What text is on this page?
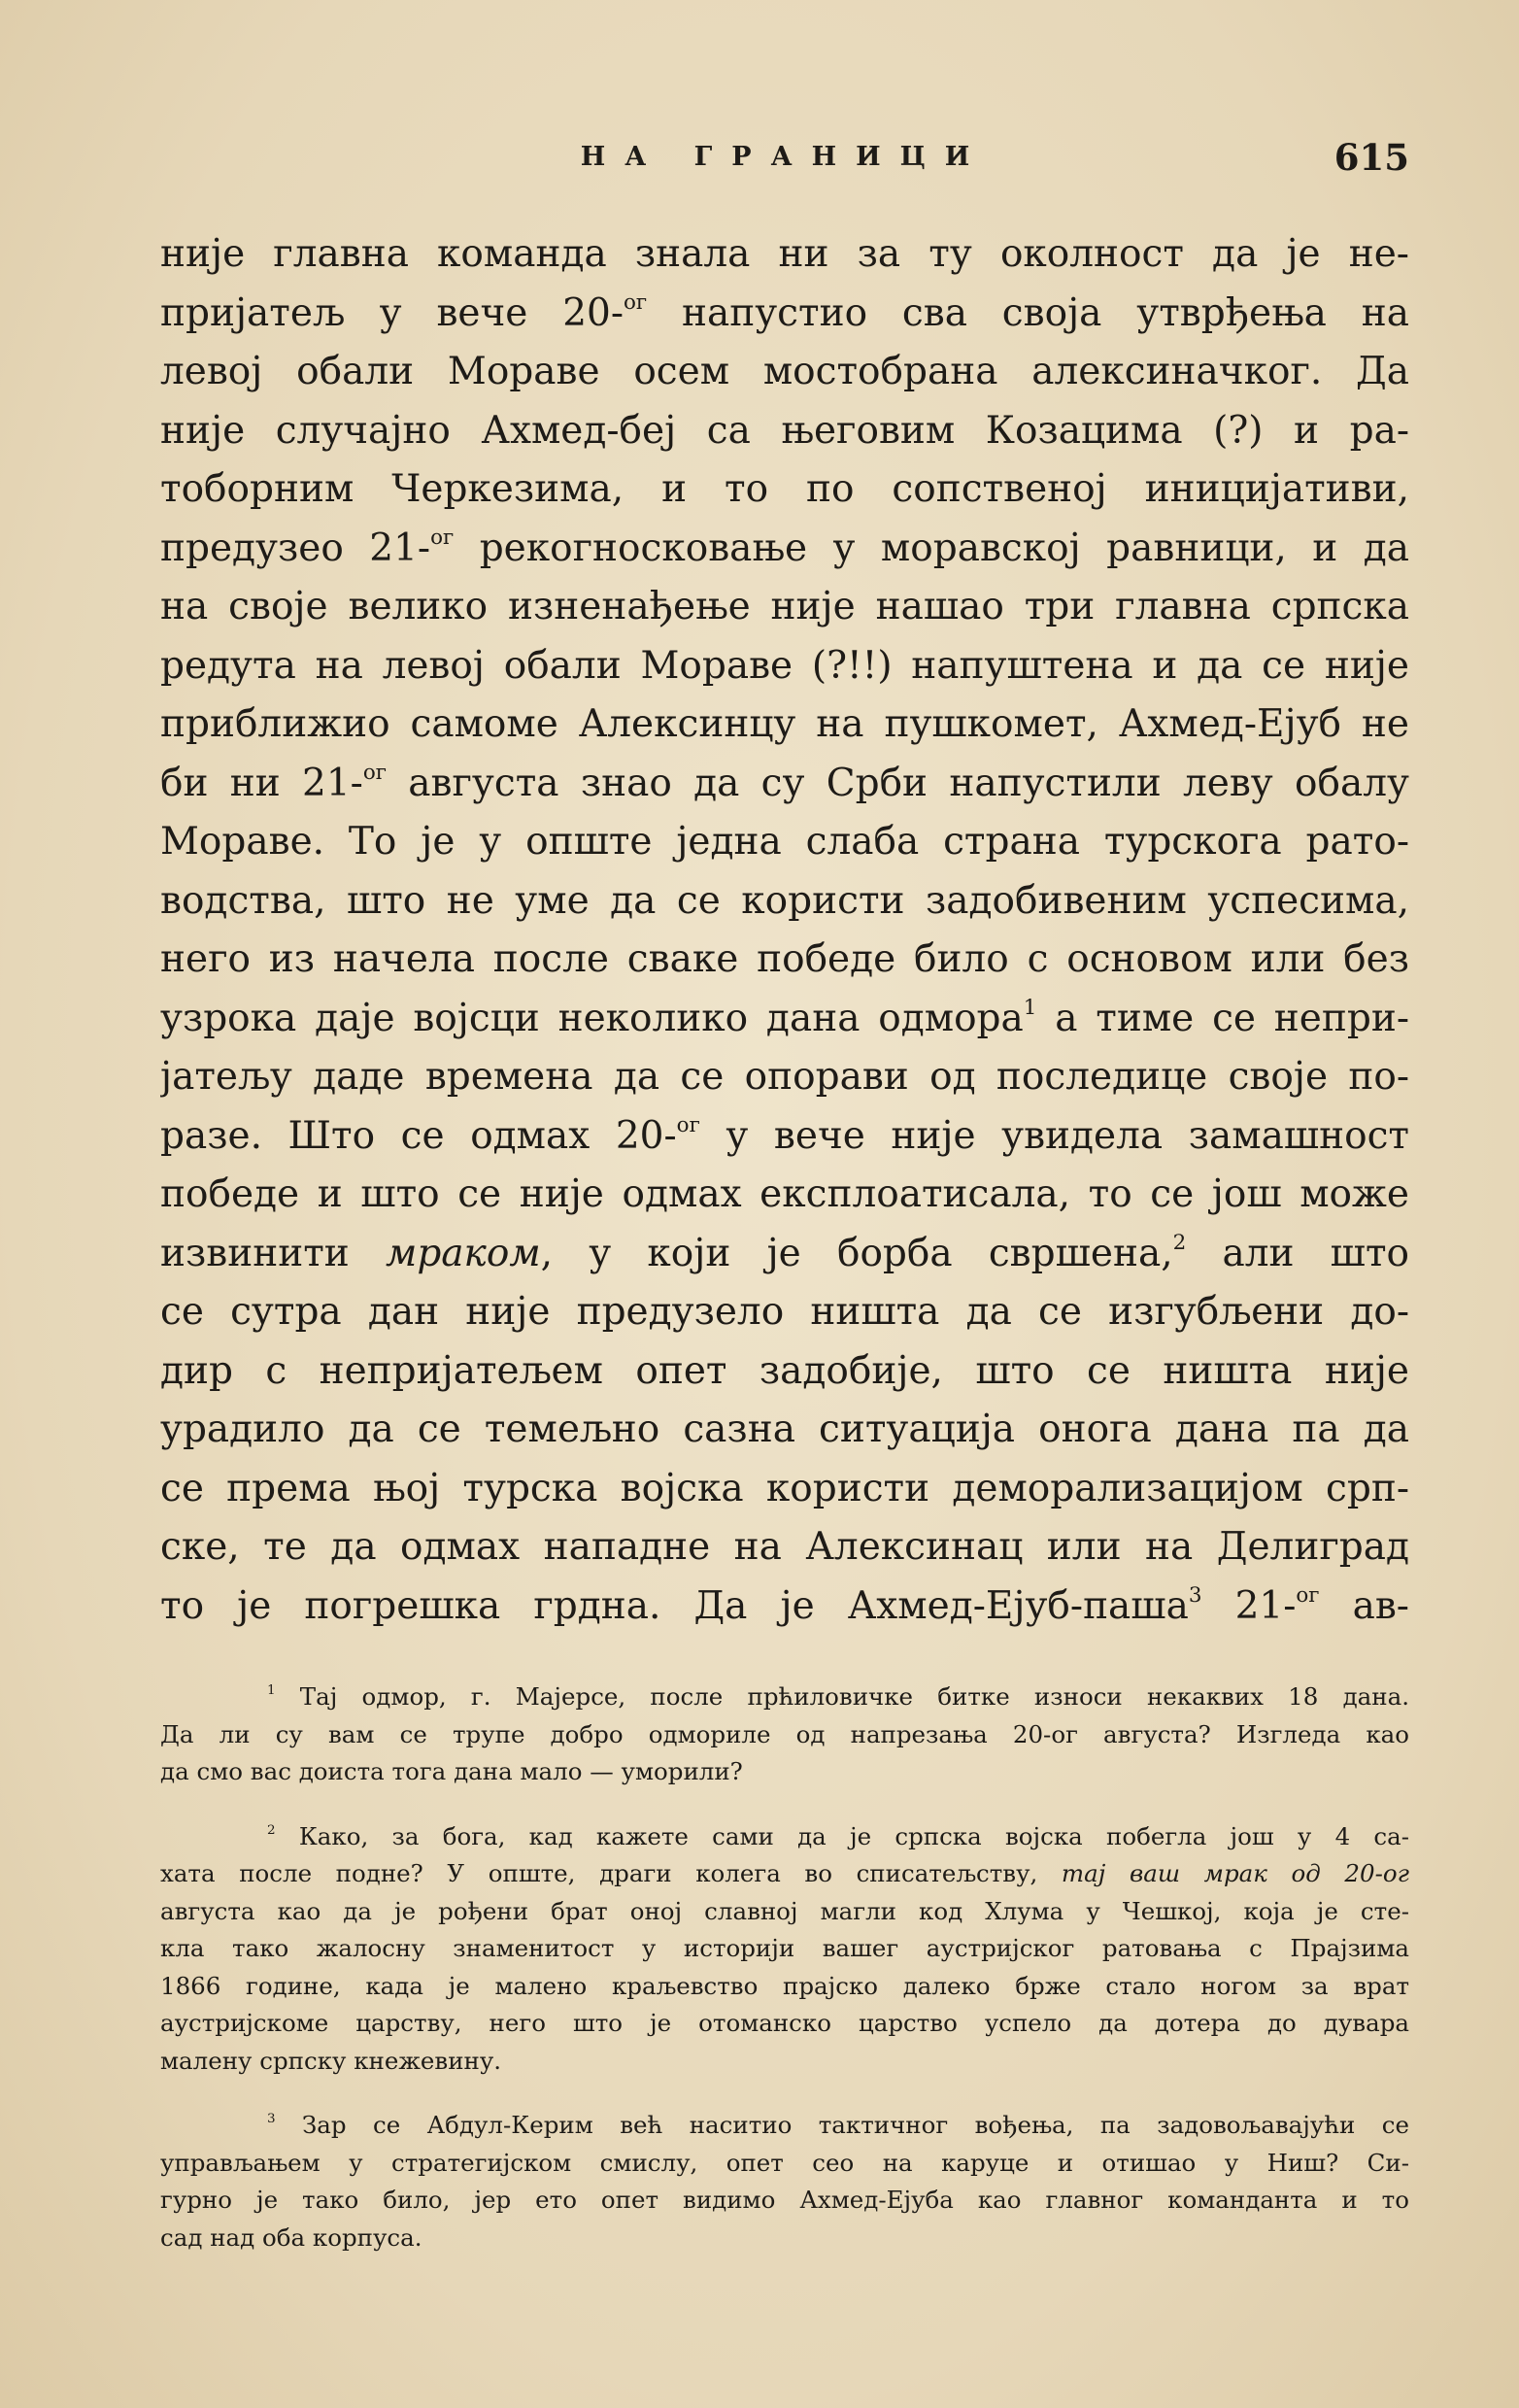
НА ГРАНИЦИ	615
није главна команда знала ни за ту околност да је не-
пријатељ у вече 20-$^{ог}$ напустио сва своја утврђења на
левој обали Мораве осем мостобрана алексиначког. Да
није случајно Ахмед-беј са његовим Козацима (?) и ра-
тоборним Черкезима, и то по сопственој иницијативи,
предузео 21-$^{ог}$ рекогносковање у моравској равници, и да
на своје велико изненађење није нашао три главна српска
редута на левој обали Мораве (?!!) напуштена и да се није
приближио самоме Алексинцу на пушкомет, Ахмед-Ејуб не
би ни 21-$^{ог}$ августа знао да су Срби напустили леву обалу
Мораве. То је у опште једна слаба страна турскога рато-
водства, што не уме да се користи задобивеним успесима,
него из начела после сваке победе било с основом или без
узрока даје војсци неколико дана одмора$^1$ а тиме се непри-
јатељу даде времена да се опорави од последице своје по-
разе. Што се одмах 20-$^{ог}$ у вече није увидела замашност
победе и што се није одмах експлоатисала, то се још може
извинити мраком, у који је борба свршена,$^2$ али што
се сутра дан није предузело ништа да се изгубљени до-
дир с непријатељем опет задобије, што се ништа није
урадило да се темељно сазна ситуација онога дана па да
се према њој турска војска користи деморализацијом срп-
ске, те да одмах нападне на Алексинац или на Делиград
то је погрешка грдна. Да је Ахмед-Ејуб-паша$^3$ 21-$^{ог}$ ав-
$^1$ Тај одмор, г. Мајерсе, после прћиловичке битке износи некаквих 18 дана.
Да ли су вам се трупе добро одмориле од напрезања 20-ог августа? Изгледа као
да смо вас доиста тога дана мало — уморили?
$^2$ Како, за бога, кад кажете сами да је српска војска побегла још у 4 са-
хата после подне? У опште, драги колега во списатељству, тај ваш мрак од 20-ог
августа као да је рођени брат оној славној магли код Хлума у Чешкој, која је сте-
кла тако жалосну знаменитост у историји вашег аустријског ратовања с Прајзима
1866 године, када је мaлено краљевство прајско далеко брже стало ногом за врат
аустријскоме царству, него што је отоманско царство успело да дотера до дувара
малену српску кнежевину.
$^3$ Зар се Абдул-Керим већ наситио тактичног вођења, па задовољавајући се
управљањем у стратегијском смислу, опет сео на каруце и отишао у Ниш? Си-
гурно је тако било, јер ето опет видимо Ахмед-Ејуба као главног команданта и то
сад над оба корпуса.
